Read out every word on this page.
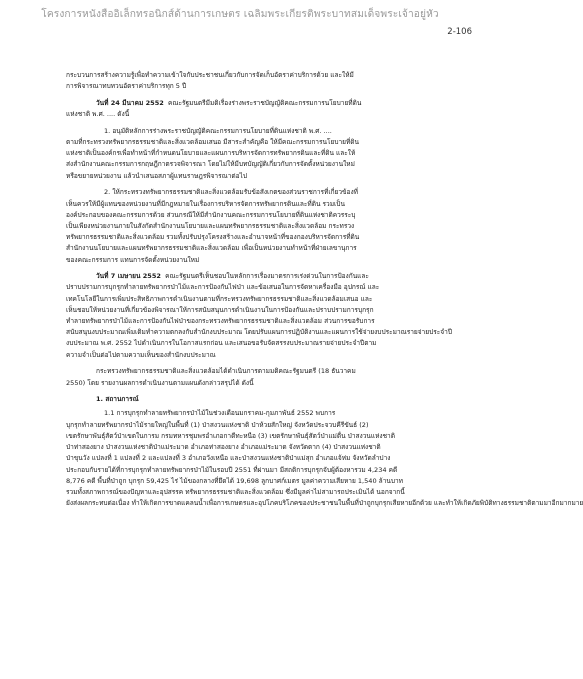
โครงการหนังสืออิเล็กทรอนิกส์ด้านการเกษตร เฉลิมพระเกียรติพระบาทสมเด็จพระเจ้าอยู่หัว
2-106
กระบวนการสร้างความรู้เพื่อทำความเข้าใจกับประชาชนเกี่ยวกับการจัดเก็บอัตราค่าบริการด้วย และให้มี
การพิจารณาทบทวนอัตราค่าบริการทุก 5 ปี
วันที่ 24 มีนาคม 2552 คณะรัฐมนตรีมีมติเรื่องร่างพระราชบัญญัติคณะกรรมการนโยบายที่ดิน
แห่งชาติ พ.ศ. .... ดังนี้
1. อนุมัติหลักการร่างพระราชบัญญัติคณะกรรมการนโยบายที่ดินแห่งชาติ พ.ศ. ....
ตามที่กระทรวงทรัพยากรธรรมชาติและสิ่งแวดล้อมเสนอ มีสาระสำคัญคือ ให้มีคณะกรรมการนโยบายที่ดิน
แห่งชาติเป็นองค์กรเพื่อทำหน้าที่กำหนดนโยบายและแผนการบริหารจัดการทรัพยากรดินและที่ดิน และให้
ส่งสำนักงานคณะกรรมการกฤษฎีกาตรวจพิจารณา โดยไม่ให้มีบทบัญญัติเกี่ยวกับการจัดตั้งหน่วยงานใหม่
หรือขยายหน่วยงาน แล้วนำเสนอสภาผู้แทนราษฎรพิจารณาต่อไป
2. ให้กระทรวงทรัพยากรธรรมชาติและสิ่งแวดล้อมรับข้อสังเกตของส่วนราชการที่เกี่ยวข้องที่
เห็นควรให้มีผู้แทนของหน่วยงานที่มีกฎหมายในเรื่องการบริหารจัดการทรัพยากรดินและที่ดิน รวมเป็น
องค์ประกอบของคณะกรรมการด้วย ส่วนกรณีให้มีสำนักงานคณะกรรมการนโยบายที่ดินแห่งชาติควรระบุ
เป็นเพียงหน่วยงานภายในสังกัดสำนักงานนโยบายและแผนทรัพยากรธรรมชาติและสิ่งแวดล้อม กระทรวง
ทรัพยากรธรรมชาติและสิ่งแวดล้อม รวมทั้งปรับปรุงโครงสร้างและอำนาจหน้าที่ของกองบริหารจัดการที่ดิน
สำนักงานนโยบายและแผนทรัพยากรธรรมชาติและสิ่งแวดล้อม เพื่อเป็นหน่วยงานทำหน้าที่ฝ่ายเลขานุการ
ของคณะกรรมการ แทนการจัดตั้งหน่วยงานใหม่
วันที่ 7 เมษายน 2552 คณะรัฐมนตรีเห็นชอบในหลักการเรื่องมาตรการเร่งด่วนในการป้องกันและ
ปราบปรามการบุกรุกทำลายทรัพยากรป่าไม้และการป้องกันไฟป่า และข้อเสนอในการจัดหาเครื่องมือ อุปกรณ์ และ
เทคโนโลยีในการเพิ่มประสิทธิภาพการดำเนินงานตามที่กระทรวงทรัพยากรธรรมชาติและสิ่งแวดล้อมเสนอ และ
เห็นชอบให้หน่วยงานที่เกี่ยวข้องพิจารณาให้การสนับสนุนการดำเนินงานในการป้องกันและปราบปรามการบุกรุก
ทำลายทรัพยากรป่าไม้และการป้องกันไฟป่าของกระทรวงทรัพยากรธรรมชาติและสิ่งแวดล้อม ส่วนการขอรับการ
สนับสนุนงบประมาณเพิ่มเติมทำความตกลงกับสำนักงบประมาณ โดยปรับแผนการปฏิบัติงานและแผนการใช้จ่ายงบประมาณรายจ่ายประจำปี
งบประมาณ พ.ศ. 2552 ไปดำเนินการในโอกาสแรกก่อน และเสนอขอรับจัดสรรงบประมาณรายจ่ายประจำปีตาม
ความจำเป็นต่อไปตามความเห็นของสำนักงบประมาณ
กระทรวงทรัพยากรธรรมชาติและสิ่งแวดล้อมได้ดำเนินการตามมติคณะรัฐมนตรี (18 ธันวาคม
2550) โดย รายงานผลการดำเนินงานตามแผนดังกล่าวสรุปได้ ดังนี้
1. สถานการณ์
1.1 การบุกรุกทำลายทรัพยากรป่าไม้ในช่วงเดือนมกราคม-กุมภาพันธ์ 2552 พบการ
บุกรุกทำลายทรัพยากรป่าไม้รายใหญ่ในพื้นที่ (1) ป่าสงวนแห่งชาติ ป่าห้วยสักใหญ่ จังหวัดประจวบคีรีขันธ์ (2)
เขตรักษาพันธุ์สัตว์ป่าเขตในการม กรมทหารชุมพรอำเภอกาดีทะหนือ (3) เขตรักษาพันธุ์สัตว์ป่าแม่ตื่น ป่าสงวนแห่งชาติ
ป่าท่าสองยาง ป่าสงวนแห่งชาติป่าแม่ระมาด อำเภอท่าสองยาง อำเภอแม่ระมาด จังหวัดตาก (4) ป่าสงวนแห่งชาติ
ป่าขุนวัง แปลงที่ 1 แปลงที่ 2 และแปลงที่ 3 อำเภอวังเหนือ และป่าสงวนแห่งชาติป่าแม่สุก อำเภอแจ้ห่ม จังหวัดลำปาง
ประกอบกับรายได้ที่การบุกรุกทำลายทรัพยากรป่าไม้ในรอบปี 2551 ที่ผ่านมา มีสถติการบุกรุกจับผู้ต้องหารวม 4,234 คดี
8,776 คดี พื้นที่ป่าถูก บุกรุก 59,425 ไร่ ไม้ของกลางที่ยึดได้ 19,698 ลูกบาศก์เมตร มูลค่าความเสียหาย 1,540 ล้านบาท
รวมทั้งสภาพการณ์ของปัญหาและอุปสรรค ทรัพยากรธรรมชาติและสิ่งแวดล้อม ซึ่งมีมูลค่าไม่สามารถประเมินได้ นอกจากนี้
ยังส่งผลกระทบต่อเนื่อง ทำให้เกิดการขาดแคลนน้ำเพื่อการเกษตรและอุปโภคบริโภคของประชาชนในพื้นที่ป่าถูกบุกรุกเสียหายอีกด้วย และทำให้เกิดภัยพิบัติทางธรรมชาติตามมาอีกมากมาย
